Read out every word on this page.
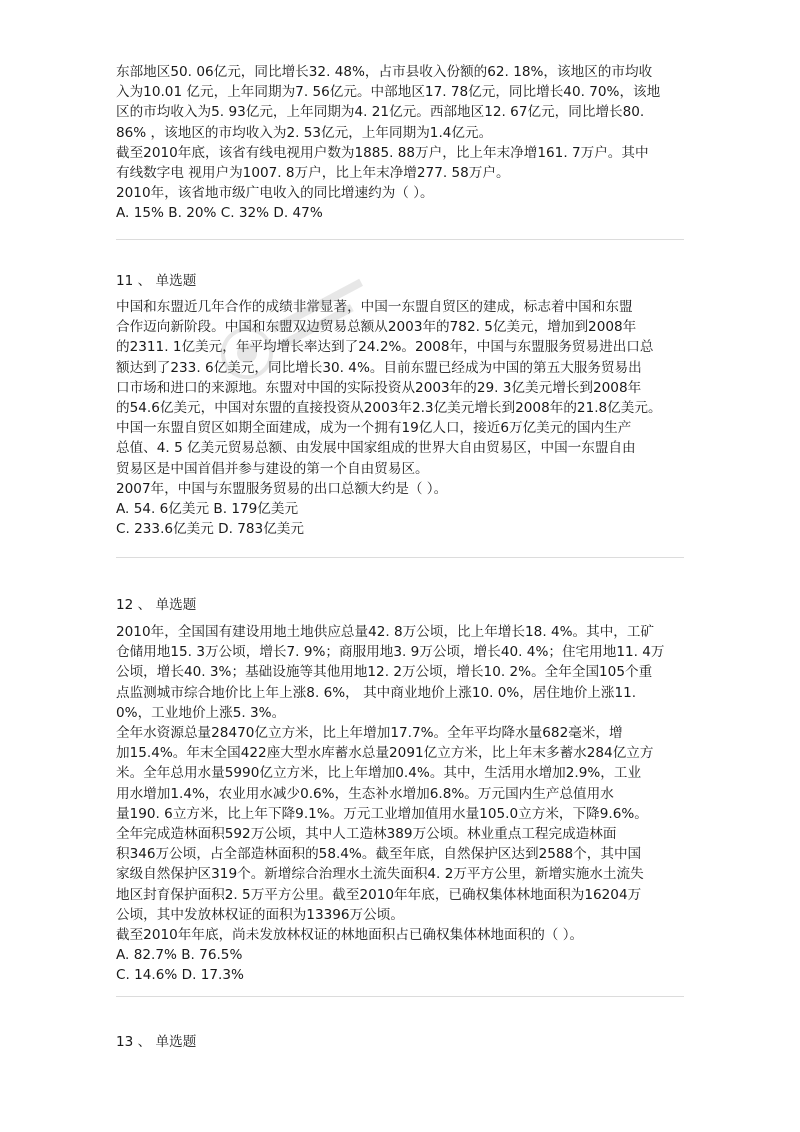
东部地区50. 06亿元，同比增长32. 48%，占市县收入份额的62. 18%，该地区的市均收
入为10.01 亿元，上年同期为7. 56亿元。中部地区17. 78亿元，同比增长40. 70%，该地
区的市均收入为5. 93亿元，上年同期为4. 21亿元。西部地区12. 67亿元，同比增长80.
86% ，该地区的市均收入为2. 53亿元，上年同期为1.4亿元。
截至2010年底，该省有线电视用户数为1885. 88万户，比上年末净增161. 7万户。其中
有线数字电 视用户为1007. 8万户，比上年末净增277. 58万户。
2010年，该省地市级广电收入的同比增速约为（ ）。
A. 15% B. 20% C. 32% D. 47%
11 、 单选题
中国和东盟近几年合作的成绩非常显著，中国一东盟自贸区的建成，标志着中国和东盟
合作迈向新阶段。中国和东盟双边贸易总额从2003年的782. 5亿美元，增加到2008年
的2311. 1亿美元，年平均增长率达到了24.2%。2008年，中国与东盟服务贸易进出口总
额达到了233. 6亿美元，同比增长30. 4%。目前东盟已经成为中国的第五大服务贸易出
口市场和进口的来源地。东盟对中国的实际投资从2003年的29. 3亿美元增长到2008年
的54.6亿美元，中国对东盟的直接投资从2003年2.3亿美元增长到2008年的21.8亿美元。
中国一东盟自贸区如期全面建成，成为一个拥有19亿人口，接近6万亿美元的国内生产
总值、4. 5 亿美元贸易总额、由发展中国家组成的世界大自由贸易区，中国一东盟自由
贸易区是中国首倡并参与建设的第一个自由贸易区。
2007年，中国与东盟服务贸易的出口总额大约是（ ）。
A. 54. 6亿美元 B. 179亿美元
C. 233.6亿美元 D. 783亿美元
12 、 单选题
2010年，全国国有建设用地土地供应总量42. 8万公顷，比上年增长18. 4%。其中，工矿
仓储用地15. 3万公顷，增长7. 9%；商服用地3. 9万公顷，增长40. 4%；住宅用地11. 4万
公顷，增长40. 3%；基础设施等其他用地12. 2万公顷，增长10. 2%。全年全国105个重
点监测城市综合地价比上年上涨8. 6%， 其中商业地价上涨10. 0%，居住地价上涨11.
0%，工业地价上涨5. 3%。
全年水资源总量28470亿立方米，比上年增加17.7%。全年平均降水量682毫米，增
加15.4%。年末全国422座大型水库蓄水总量2091亿立方米，比上年末多蓄水284亿立方
米。全年总用水量5990亿立方米，比上年增加0.4%。其中，生活用水增加2.9%，工业
用水增加1.4%，农业用水减少0.6%，生态补水增加6.8%。万元国内生产总值用水
量190. 6立方米，比上年下降9.1%。万元工业增加值用水量105.0立方米，下降9.6%。
全年完成造林面积592万公顷，其中人工造林389万公顷。林业重点工程完成造林面
积346万公顷，占全部造林面积的58.4%。截至年底，自然保护区达到2588个，其中国
家级自然保护区319个。新增综合治理水土流失面积4. 2万平方公里，新增实施水土流失
地区封育保护面积2. 5万平方公里。截至2010年年底，已确权集体林地面积为16204万
公顷，其中发放林权证的面积为13396万公顷。
截至2010年年底，尚未发放林权证的林地面积占已确权集体林地面积的（ ）。
A. 82.7% B. 76.5%
C. 14.6% D. 17.3%
13 、 单选题
